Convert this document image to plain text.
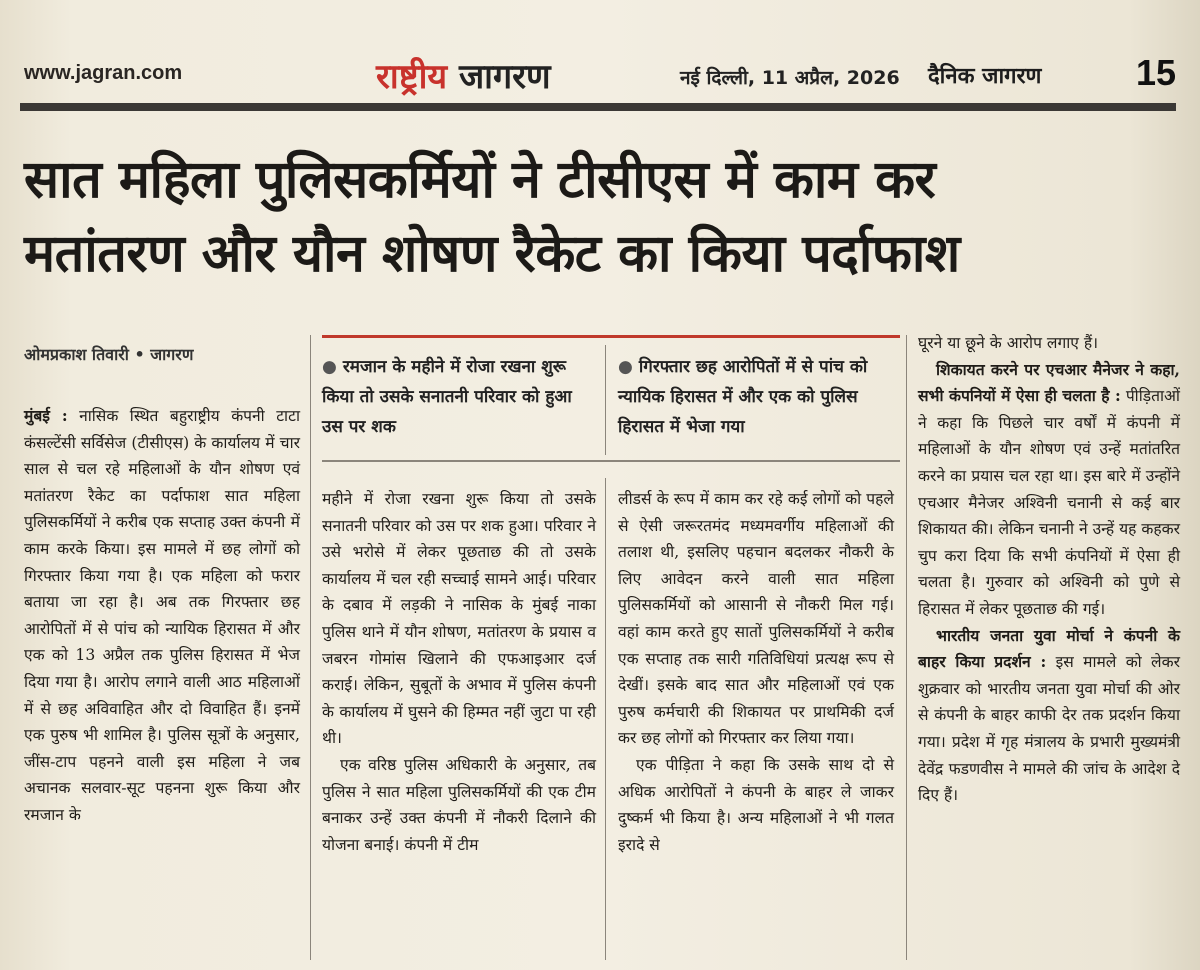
www.jagran.com	राष्ट्रीय जागरण	नई दिल्ली, 11 अप्रैल, 2026 दैनिक जागरण	15
सात महिला पुलिसकर्मियों ने टीसीएस में काम कर
मतांतरण और यौन शोषण रैकेट का किया पर्दाफाश
ओमप्रकाश तिवारी • जागरण

मुंबई : नासिक स्थित बहुराष्ट्रीय कंपनी टाटा कंसल्टेंसी सर्विसेज (टीसीएस) के कार्यालय में चार साल से चल रहे महिलाओं के यौन शोषण एवं मतांतरण रैकेट का पर्दाफाश सात महिला पुलिसकर्मियों ने करीब एक सप्ताह उक्त कंपनी में काम करके किया। इस मामले में छह लोगों को गिरफ्तार किया गया है। एक महिला को फरार बताया जा रहा है। अब तक गिरफ्तार छह आरोपितों में से पांच को न्यायिक हिरासत में और एक को 13 अप्रैल तक पुलिस हिरासत में भेज दिया गया है। आरोप लगाने वाली आठ महिलाओं में से छह अविवाहित और दो विवाहित हैं। इनमें एक पुरुष भी शामिल है। पुलिस सूत्रों के अनुसार, जींस-टाप पहनने वाली इस महिला ने जब अचानक सलवार-सूट पहनना शुरू किया और रमजान के

● रमजान के महीने में रोजा रखना शुरू किया तो उसके सनातनी परिवार को हुआ उस पर शक
● गिरफ्तार छह आरोपितों में से पांच को न्यायिक हिरासत में और एक को पुलिस हिरासत में भेजा गया

महीने में रोजा रखना शुरू किया तो उसके सनातनी परिवार को उस पर शक हुआ। परिवार ने उसे भरोसे में लेकर पूछताछ की तो उसके कार्यालय में चल रही सच्चाई सामने आई। परिवार के दबाव में लड़की ने नासिक के मुंबई नाका पुलिस थाने में यौन शोषण, मतांतरण के प्रयास व जबरन गोमांस खिलाने की एफआइआर दर्ज कराई। लेकिन, सुबूतों के अभाव में पुलिस कंपनी के कार्यालय में घुसने की हिम्मत नहीं जुटा पा रही थी।

एक वरिष्ठ पुलिस अधिकारी के अनुसार, तब पुलिस ने सात महिला पुलिसकर्मियों की एक टीम बनाकर उन्हें उक्त कंपनी में नौकरी दिलाने की योजना बनाई। कंपनी में टीम

लीडर्स के रूप में काम कर रहे कई लोगों को पहले से ऐसी जरूरतमंद मध्यमवर्गीय महिलाओं की तलाश थी, इसलिए पहचान बदलकर नौकरी के लिए आवेदन करने वाली सात महिला पुलिसकर्मियों को आसानी से नौकरी मिल गई। वहां काम करते हुए सातों पुलिसकर्मियों ने करीब एक सप्ताह तक सारी गतिविधियां प्रत्यक्ष रूप से देखीं। इसके बाद सात और महिलाओं एवं एक पुरुष कर्मचारी की शिकायत पर प्राथमिकी दर्ज कर छह लोगों को गिरफ्तार कर लिया गया।

एक पीड़िता ने कहा कि उसके साथ दो से अधिक आरोपितों ने कंपनी के बाहर ले जाकर दुष्कर्म भी किया है। अन्य महिलाओं ने भी गलत इरादे से

घूरने या छूने के आरोप लगाए हैं।

शिकायत करने पर एचआर मैनेजर ने कहा, सभी कंपनियों में ऐसा ही चलता है : पीड़िताओं ने कहा कि पिछले चार वर्षों में कंपनी में महिलाओं के यौन शोषण एवं उन्हें मतांतरित करने का प्रयास चल रहा था। इस बारे में उन्होंने एचआर मैनेजर अश्विनी चनानी से कई बार शिकायत की। लेकिन चनानी ने उन्हें यह कहकर चुप करा दिया कि सभी कंपनियों में ऐसा ही चलता है। गुरुवार को अश्विनी को पुणे से हिरासत में लेकर पूछताछ की गई।

भारतीय जनता युवा मोर्चा ने कंपनी के बाहर किया प्रदर्शन : इस मामले को लेकर शुक्रवार को भारतीय जनता युवा मोर्चा की ओर से कंपनी के बाहर काफी देर तक प्रदर्शन किया गया। प्रदेश में गृह मंत्रालय के प्रभारी मुख्यमंत्री देवेंद्र फडणवीस ने मामले की जांच के आदेश दे दिए हैं।
